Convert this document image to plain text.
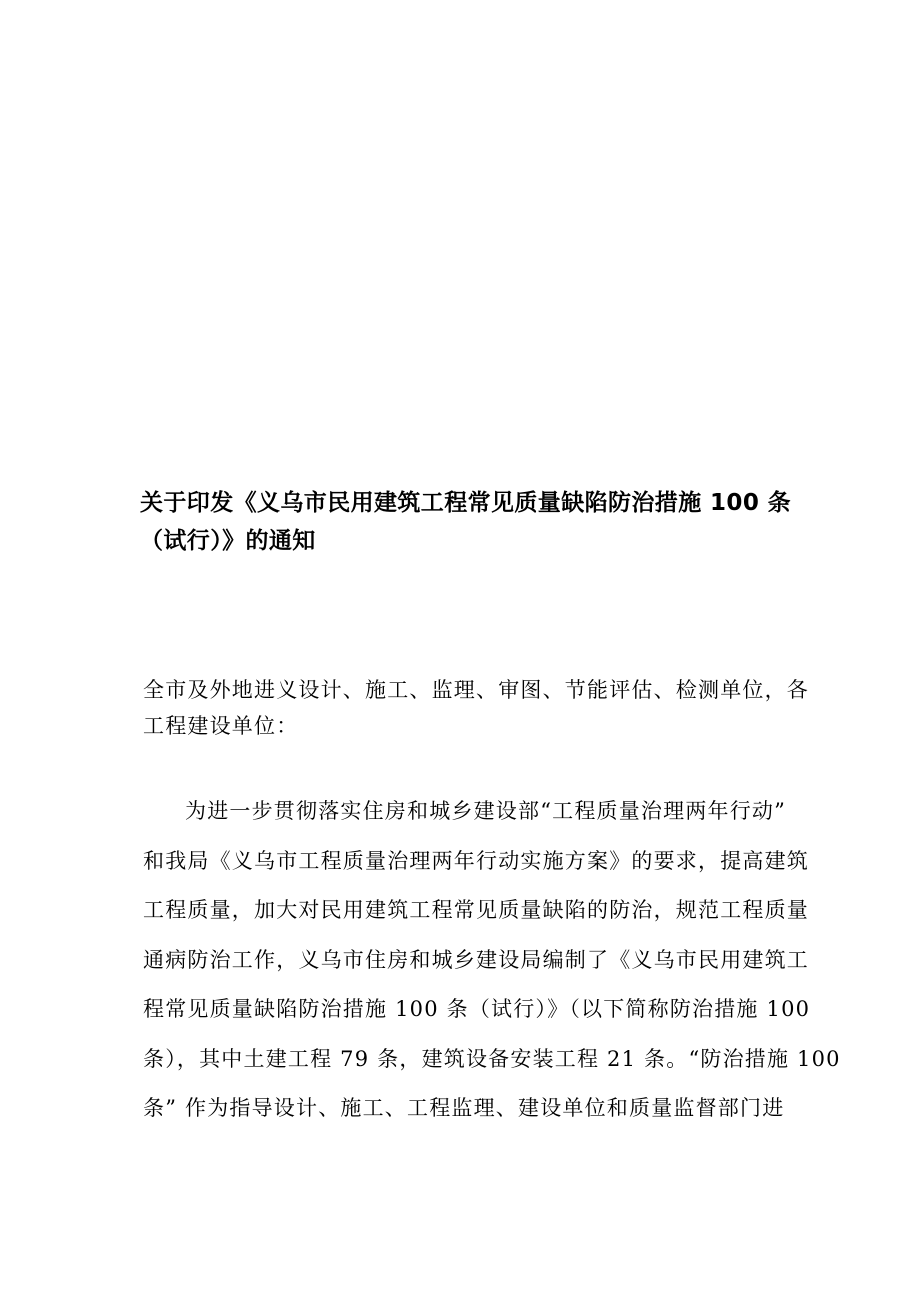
关于印发《义乌市民用建筑工程常见质量缺陷防治措施 100 条
（试行）》的通知
全市及外地进义设计、施工、监理、审图、节能评估、检测单位，各
工程建设单位：
为进一步贯彻落实住房和城乡建设部“工程质量治理两年行动”
和我局《义乌市工程质量治理两年行动实施方案》的要求，提高建筑
工程质量，加大对民用建筑工程常见质量缺陷的防治，规范工程质量
通病防治工作，义乌市住房和城乡建设局编制了《义乌市民用建筑工
程常见质量缺陷防治措施 100 条（试行）》（以下简称防治措施 100
条），其中土建工程 79 条，建筑设备安装工程 21 条。“防治措施 100
条” 作为指导设计、施工、工程监理、建设单位和质量监督部门进
